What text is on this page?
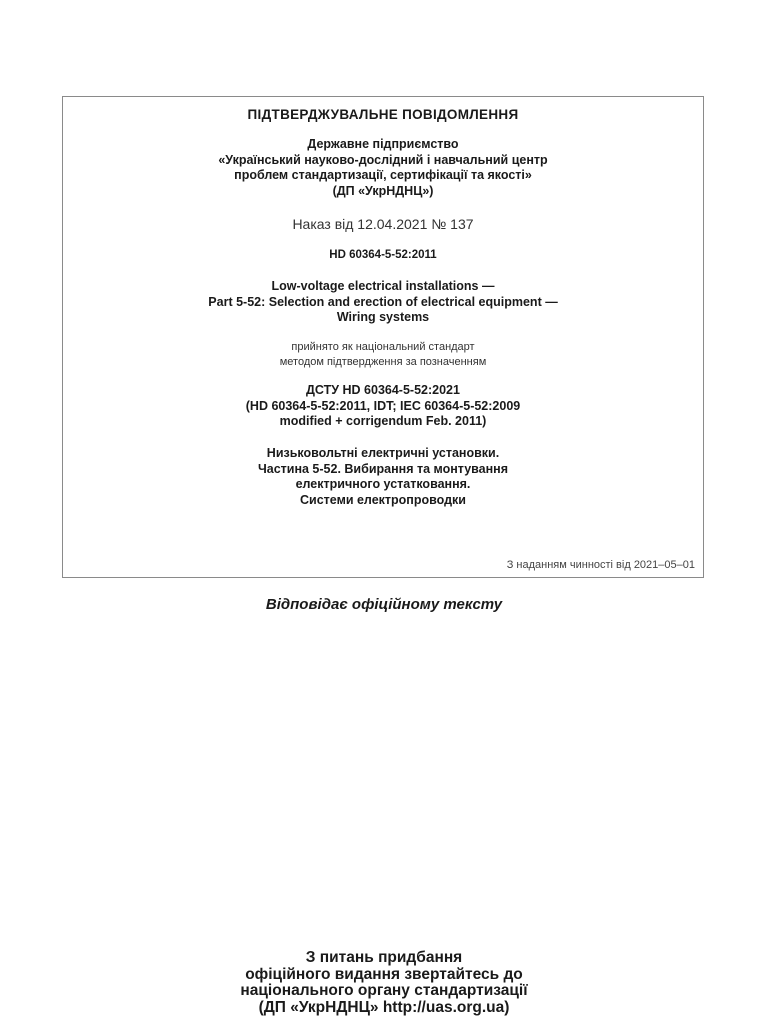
ПІДТВЕРДЖУВАЛЬНЕ ПОВІДОМЛЕННЯ
Державне підприємство
«Український науково-дослідний і навчальний центр
проблем стандартизації, сертифікації та якості»
(ДП «УкрНДНЦ»)
Наказ від 12.04.2021 № 137
HD 60364-5-52:2011
Low-voltage electrical installations —
Part 5-52: Selection and erection of electrical equipment —
Wiring systems
прийнято як національний стандарт
методом підтвердження за позначенням
ДСТУ HD 60364-5-52:2021
(HD 60364-5-52:2011, IDT; IEC 60364-5-52:2009
modified + corrigendum Feb. 2011)
Низьковольтні електричні установки.
Частина 5-52. Вибирання та монтування
електричного устатковання.
Системи електропроводки
З наданням чинності від 2021–05–01
Відповідає офіційному тексту
З питань придбання
офіційного видання звертайтесь до
національного органу стандартизації
(ДП «УкрНДНЦ» http://uas.org.ua)
